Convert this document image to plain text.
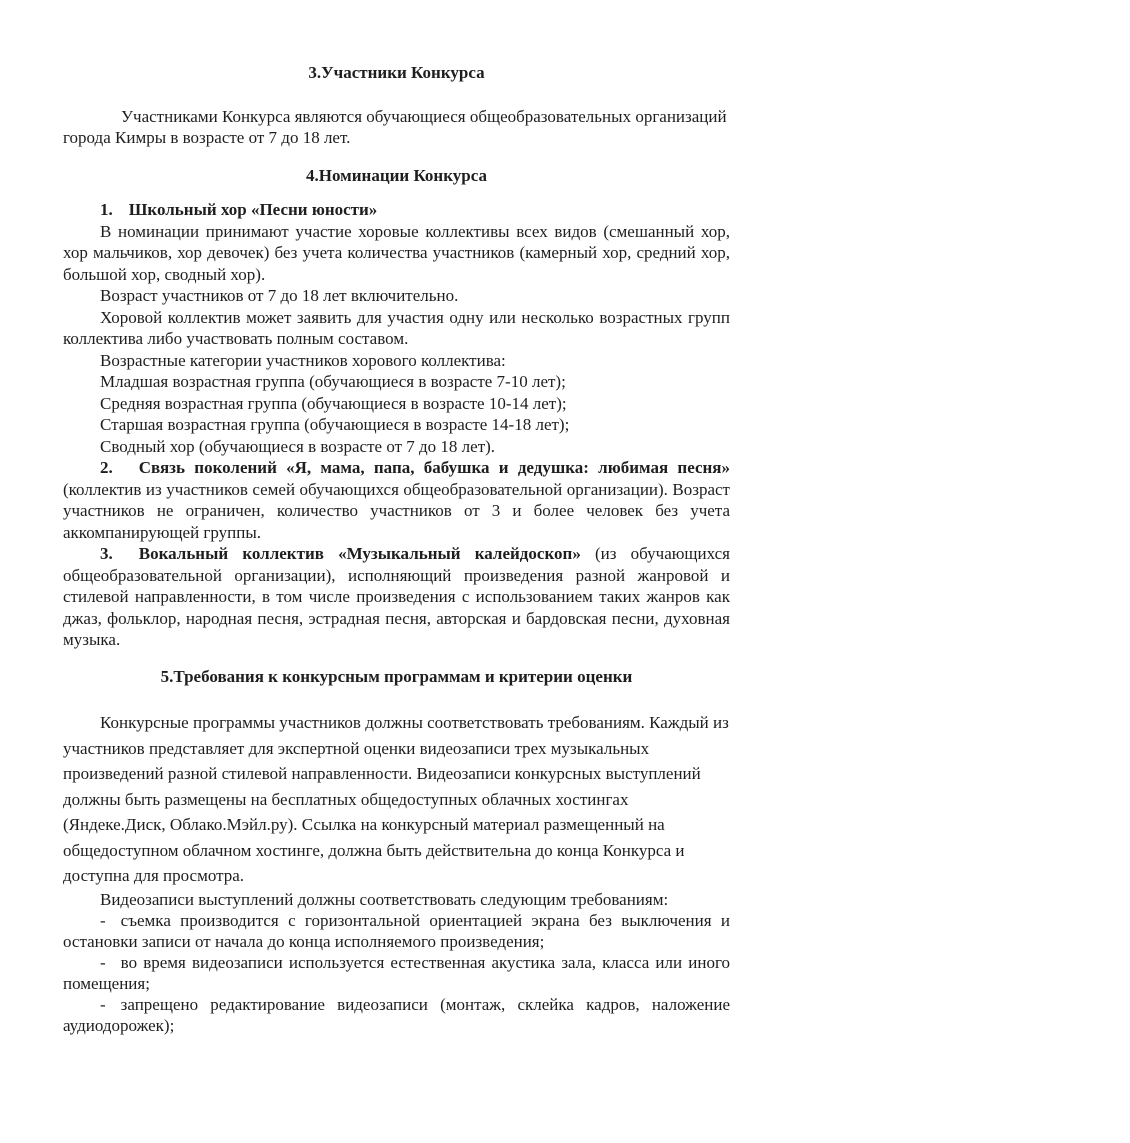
3.Участники Конкурса

Участниками Конкурса являются обучающиеся общеобразовательных организаций города Кимры в возрасте от 7 до 18 лет.

4.Номинации Конкурса

1. Школьный хор «Песни юности»

В номинации принимают участие хоровые коллективы всех видов (смешанный хор, хор мальчиков, хор девочек) без учета количества участников (камерный хор, средний хор, большой хор, сводный хор).

Возраст участников от 7 до 18 лет включительно.

Хоровой коллектив может заявить для участия одну или несколько возрастных групп коллектива либо участвовать полным составом.

Возрастные категории участников хорового коллектива:

Младшая возрастная группа (обучающиеся в возрасте 7-10 лет);

Средняя возрастная группа (обучающиеся в возрасте 10-14 лет);

Старшая возрастная группа (обучающиеся в возрасте 14-18 лет);

Сводный хор (обучающиеся в возрасте от 7 до 18 лет).

2. Связь поколений «Я, мама, папа, бабушка и дедушка: любимая песня» (коллектив из участников семей обучающихся общеобразовательной организации). Возраст участников не ограничен, количество участников от 3 и более человек без учета аккомпанирующей группы.

3. Вокальный коллектив «Музыкальный калейдоскоп» (из обучающихся общеобразовательной организации), исполняющий произведения разной жанровой и стилевой направленности, в том числе произведения с использованием таких жанров как джаз, фольклор, народная песня, эстрадная песня, авторская и бардовская песни, духовная музыка.

5.Требования к конкурсным программам и критерии оценки

Конкурсные программы участников должны соответствовать требованиям. Каждый из участников представляет для экспертной оценки видеозаписи трех музыкальных произведений разной стилевой направленности. Видеозаписи конкурсных выступлений должны быть размещены на бесплатных общедоступных облачных хостингах (Яндеке.Диск, Облако.Мэйл.ру). Ссылка на конкурсный материал размещенный на общедоступном облачном хостинге, должна быть действительна до конца Конкурса и доступна для просмотра.

Видеозаписи выступлений должны соответствовать следующим требованиям:

- съемка производится с горизонтальной ориентацией экрана без выключения и остановки записи от начала до конца исполняемого произведения;

- во время видеозаписи используется естественная акустика зала, класса или иного помещения;

- запрещено редактирование видеозаписи (монтаж, склейка кадров, наложение аудиодорожек);
